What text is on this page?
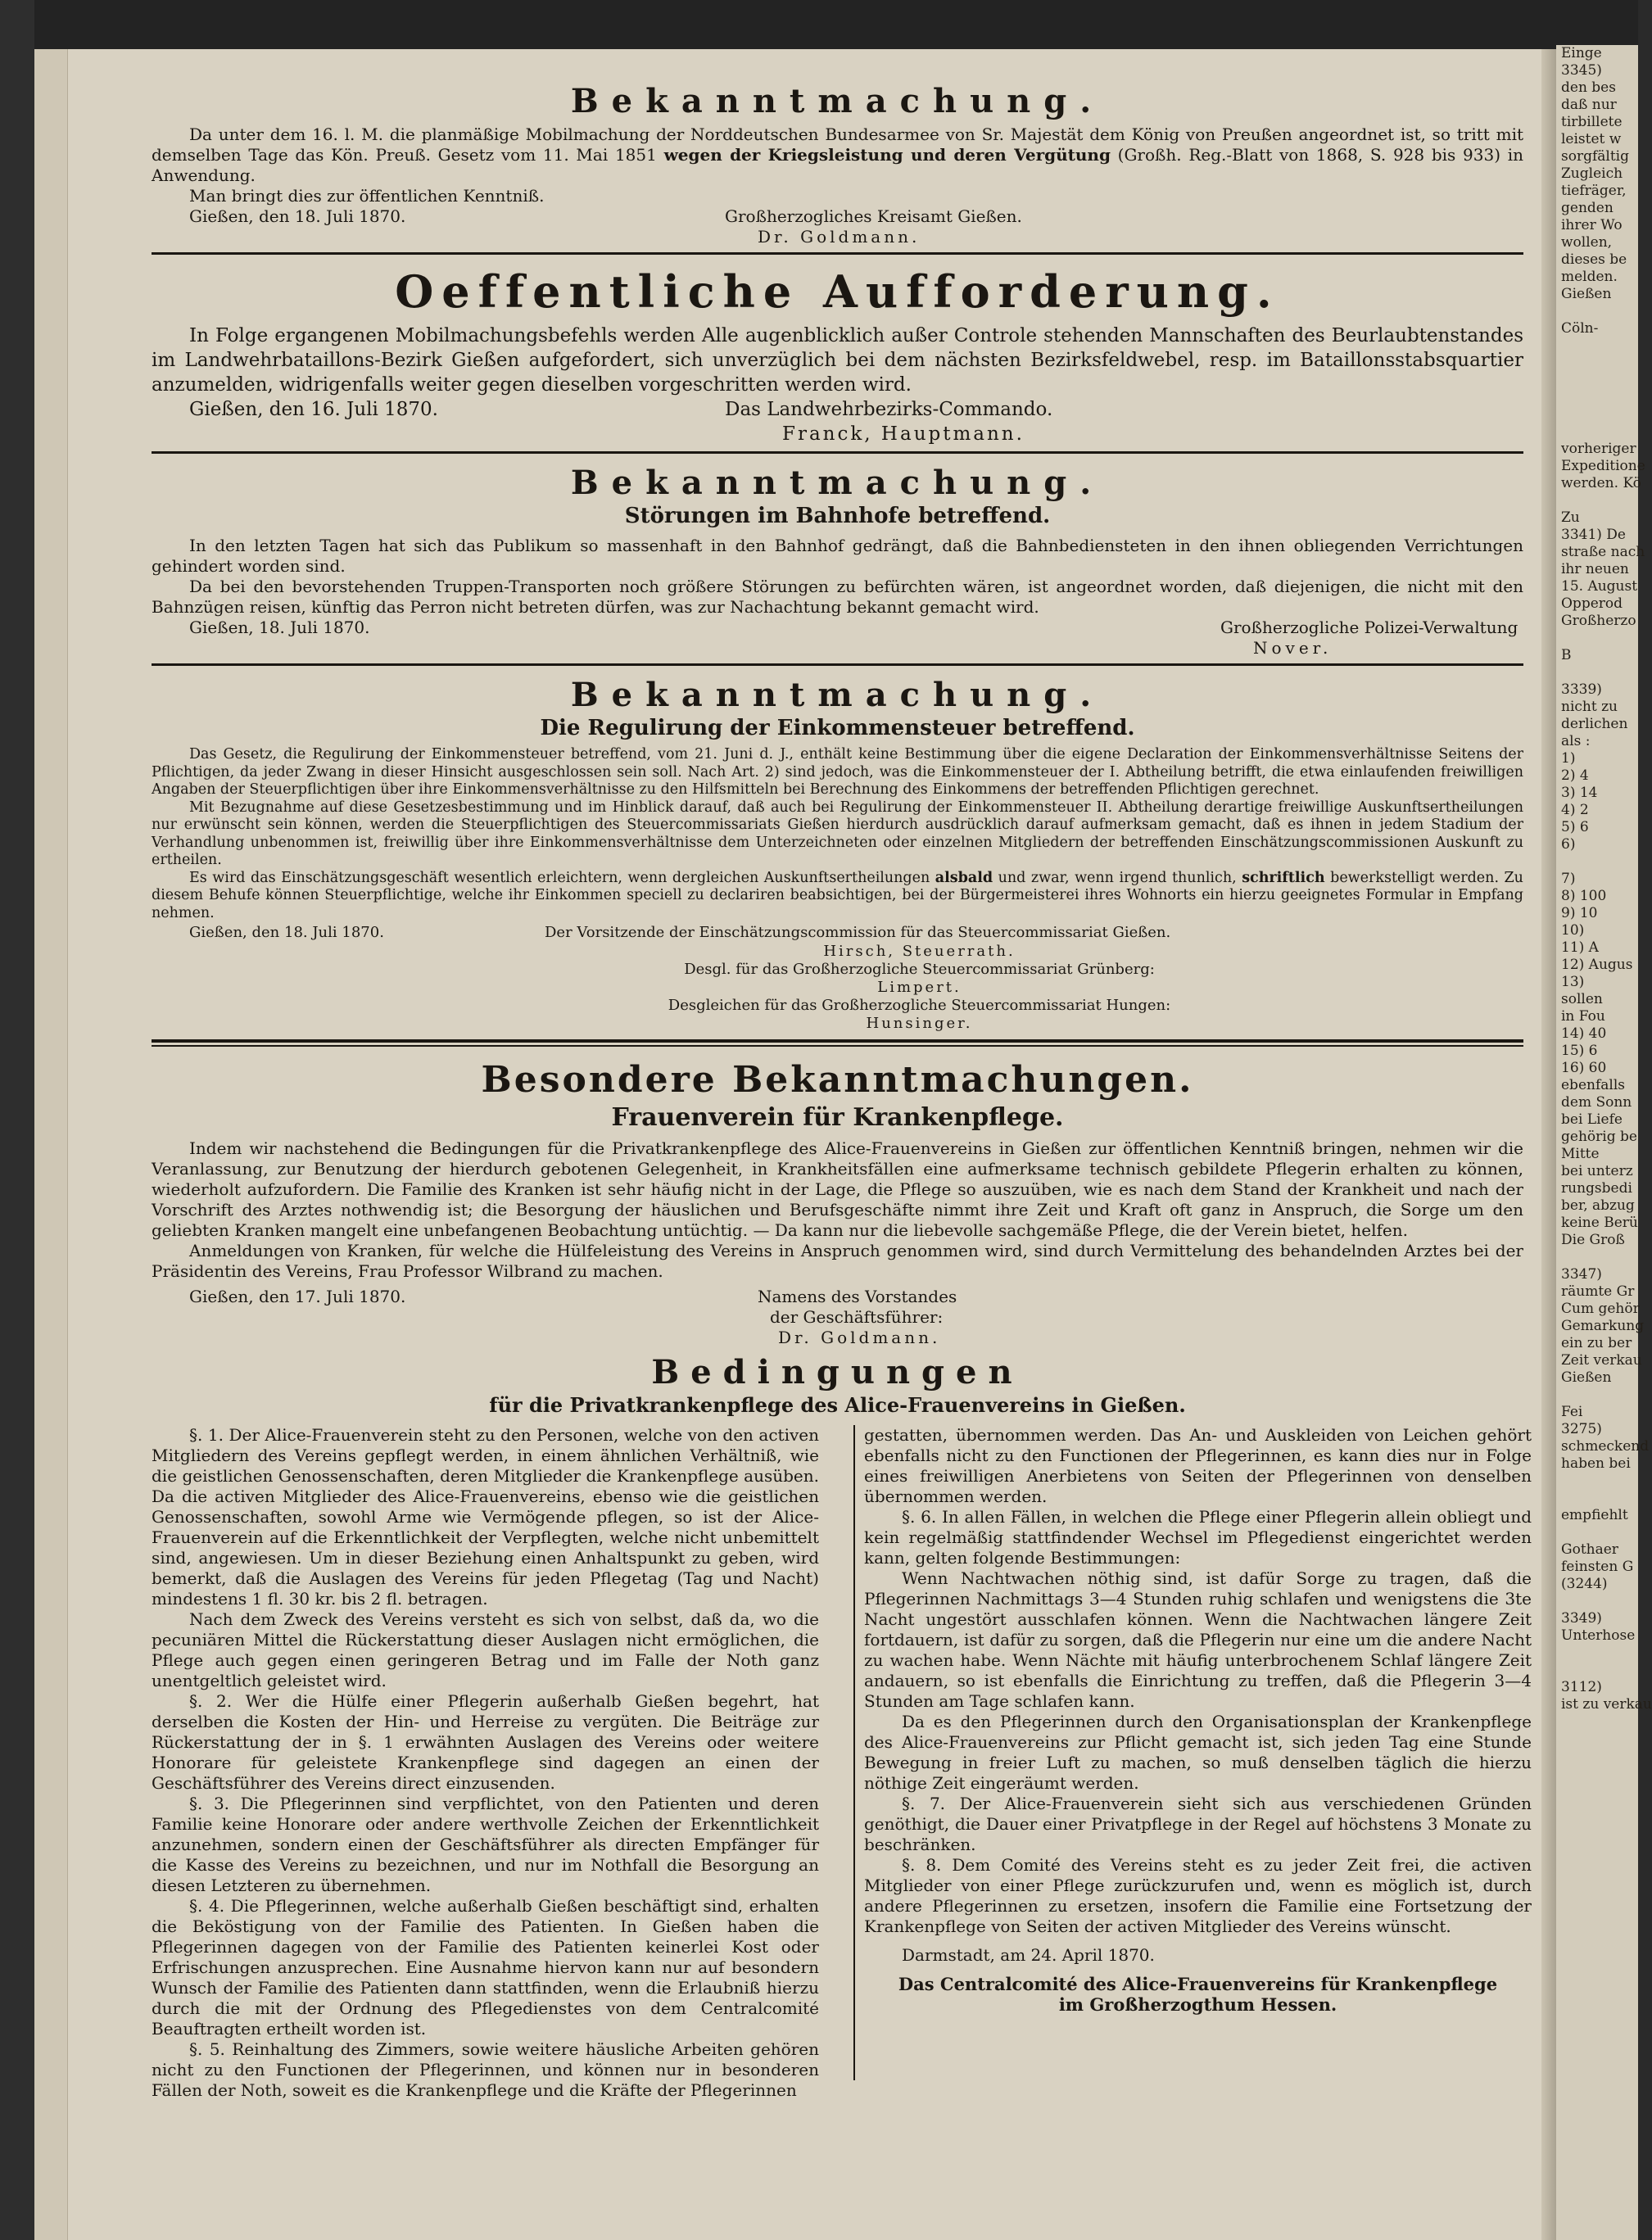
Einge
3345)
den bes
daß nur
tirbillete
leistet w
sorgfältig
Zugleich
tiefräger,
genden
ihrer Wo
wollen,
dieses be
melden.
Gießen

Cöln-

vorheriger
Expeditione
werden. Kö

Zu
3341) De
straße nach
ihr neuen
15. August
Opperod
Großherzo

B

3339)
nicht zu
derlichen
als :
1)
2) 4
3) 14
4) 2
5) 6
6)

7)
8) 100
9) 10
10)
11) A
12) Augus
13)
sollen
in Fou
14) 40
15) 6
16) 60
ebenfalls
dem Sonn
bei Liefe
gehörig be
Mitte
bei unterz
rungsbedi
ber, abzug
keine Berü
Die Groß

3347)
räumte Gr
Cum gehör
Gemarkung
ein zu ber
Zeit verkau
Gießen

Fei
3275)
schmeckend
haben bei

empfiehlt

Gothaer
feinsten G
(3244)

3349)
Unterhose

3112)
ist zu verkau
Bekanntmachung.

Da unter dem 16. l. M. die planmäßige Mobilmachung der Norddeutschen Bundesarmee von Sr. Majestät dem König von Preußen angeordnet ist, so tritt mit demselben Tage das Kön. Preuß. Gesetz vom 11. Mai 1851 wegen der Kriegsleistung und deren Vergütung (Großh. Reg.-Blatt von 1868, S. 928 bis 933) in Anwendung.

Man bringt dies zur öffentlichen Kenntniß.

Gießen, den 18. Juli 1870.	Großherzogliches Kreisamt Gießen.
Dr. Goldmann.
Oeffentliche Aufforderung.

In Folge ergangenen Mobilmachungsbefehls werden Alle augenblicklich außer Controle stehenden Mannschaften des Beurlaubtenstandes im Landwehrbataillons-Bezirk Gießen aufgefordert, sich unverzüglich bei dem nächsten Bezirksfeldwebel, resp. im Bataillonsstabsquartier anzumelden, widrigenfalls weiter gegen dieselben vorgeschritten werden wird.

Gießen, den 16. Juli 1870.	Das Landwehrbezirks-Commando.
Franck, Hauptmann.
Bekanntmachung.
Störungen im Bahnhofe betreffend.

In den letzten Tagen hat sich das Publikum so massenhaft in den Bahnhof gedrängt, daß die Bahnbediensteten in den ihnen obliegenden Verrichtungen gehindert worden sind.

Da bei den bevorstehenden Truppen-Transporten noch größere Störungen zu befürchten wären, ist angeordnet worden, daß diejenigen, die nicht mit den Bahnzügen reisen, künftig das Perron nicht betreten dürfen, was zur Nachachtung bekannt gemacht wird.

Gießen, 18. Juli 1870.	Großherzogliche Polizei-Verwaltung
Nover.
Bekanntmachung.
Die Regulirung der Einkommensteuer betreffend.

Das Gesetz, die Regulirung der Einkommensteuer betreffend, vom 21. Juni d. J., enthält keine Bestimmung über die eigene Declaration der Einkommensverhältnisse Seitens der Pflichtigen, da jeder Zwang in dieser Hinsicht ausgeschlossen sein soll. Nach Art. 2) sind jedoch, was die Einkommensteuer der I. Abtheilung betrifft, die etwa einlaufenden freiwilligen Angaben der Steuerpflichtigen über ihre Einkommensverhältnisse zu den Hilfsmitteln bei Berechnung des Einkommens der betreffenden Pflichtigen gerechnet.

Mit Bezugnahme auf diese Gesetzesbestimmung und im Hinblick darauf, daß auch bei Regulirung der Einkommensteuer II. Abtheilung derartige freiwillige Auskunftsertheilungen nur erwünscht sein können, werden die Steuerpflichtigen des Steuercommissariats Gießen hierdurch ausdrücklich darauf aufmerksam gemacht, daß es ihnen in jedem Stadium der Verhandlung unbenommen ist, freiwillig über ihre Einkommensverhältnisse dem Unterzeichneten oder einzelnen Mitgliedern der betreffenden Einschätzungscommissionen Auskunft zu ertheilen.

Es wird das Einschätzungsgeschäft wesentlich erleichtern, wenn dergleichen Auskunftsertheilungen alsbald und zwar, wenn irgend thunlich, schriftlich bewerkstelligt werden. Zu diesem Behufe können Steuerpflichtige, welche ihr Einkommen speciell zu declariren beabsichtigen, bei der Bürgermeisterei ihres Wohnorts ein hierzu geeignetes Formular in Empfang nehmen.

Gießen, den 18. Juli 1870.	Der Vorsitzende der Einschätzungscommission für das Steuercommissariat Gießen.
Hirsch, Steuerrath.
Desgl. für das Großherzogliche Steuercommissariat Grünberg:
Limpert.
Desgleichen für das Großherzogliche Steuercommissariat Hungen:
Hunsinger.
Besondere Bekanntmachungen.
Frauenverein für Krankenpflege.

Indem wir nachstehend die Bedingungen für die Privatkrankenpflege des Alice-Frauenvereins in Gießen zur öffentlichen Kenntniß bringen, nehmen wir die Veranlassung, zur Benutzung der hierdurch gebotenen Gelegenheit, in Krankheitsfällen eine aufmerksame technisch gebildete Pflegerin erhalten zu können, wiederholt aufzufordern. Die Familie des Kranken ist sehr häufig nicht in der Lage, die Pflege so auszuüben, wie es nach dem Stand der Krankheit und nach der Vorschrift des Arztes nothwendig ist; die Besorgung der häuslichen und Berufsgeschäfte nimmt ihre Zeit und Kraft oft ganz in Anspruch, die Sorge um den geliebten Kranken mangelt eine unbefangenen Beobachtung untüchtig. — Da kann nur die liebevolle sachgemäße Pflege, die der Verein bietet, helfen.

Anmeldungen von Kranken, für welche die Hülfeleistung des Vereins in Anspruch genommen wird, sind durch Vermittelung des behandelnden Arztes bei der Präsidentin des Vereins, Frau Professor Wilbrand zu machen.

Gießen, den 17. Juli 1870.	Namens des Vorstandes
der Geschäftsführer:
Dr. Goldmann.
Bedingungen
für die Privatkrankenpflege des Alice-Frauenvereins in Gießen.

§. 1. Der Alice-Frauenverein steht zu den Personen, welche von den activen Mitgliedern des Vereins gepflegt werden, in einem ähnlichen Verhältniß, wie die geistlichen Genossenschaften, deren Mitglieder die Krankenpflege ausüben. Da die activen Mitglieder des Alice-Frauenvereins, ebenso wie die geistlichen Genossenschaften, sowohl Arme wie Vermögende pflegen, so ist der Alice-Frauenverein auf die Erkenntlichkeit der Verpflegten, welche nicht unbemittelt sind, angewiesen. Um in dieser Beziehung einen Anhaltspunkt zu geben, wird bemerkt, daß die Auslagen des Vereins für jeden Pflegetag (Tag und Nacht) mindestens 1 fl. 30 kr. bis 2 fl. betragen.

Nach dem Zweck des Vereins versteht es sich von selbst, daß da, wo die pecuniären Mittel die Rückerstattung dieser Auslagen nicht ermöglichen, die Pflege auch gegen einen geringeren Betrag und im Falle der Noth ganz unentgeltlich geleistet wird.

§. 2. Wer die Hülfe einer Pflegerin außerhalb Gießen begehrt, hat derselben die Kosten der Hin- und Herreise zu vergüten. Die Beiträge zur Rückerstattung der in §. 1 erwähnten Auslagen des Vereins oder weitere Honorare für geleistete Krankenpflege sind dagegen an einen der Geschäftsführer des Vereins direct einzusenden.

§. 3. Die Pflegerinnen sind verpflichtet, von den Patienten und deren Familie keine Honorare oder andere werthvolle Zeichen der Erkenntlichkeit anzunehmen, sondern einen der Geschäftsführer als directen Empfänger für die Kasse des Vereins zu bezeichnen, und nur im Nothfall die Besorgung an diesen Letzteren zu übernehmen.

§. 4. Die Pflegerinnen, welche außerhalb Gießen beschäftigt sind, erhalten die Beköstigung von der Familie des Patienten. In Gießen haben die Pflegerinnen dagegen von der Familie des Patienten keinerlei Kost oder Erfrischungen anzusprechen. Eine Ausnahme hiervon kann nur auf besondern Wunsch der Familie des Patienten dann stattfinden, wenn die Erlaubniß hierzu durch die mit der Ordnung des Pflegedienstes von dem Centralcomité Beauftragten ertheilt worden ist.

§. 5. Reinhaltung des Zimmers, sowie weitere häusliche Arbeiten gehören nicht zu den Functionen der Pflegerinnen, und können nur in besonderen Fällen der Noth, soweit es die Krankenpflege und die Kräfte der Pflegerinnen

gestatten, übernommen werden. Das An- und Auskleiden von Leichen gehört ebenfalls nicht zu den Functionen der Pflegerinnen, es kann dies nur in Folge eines freiwilligen Anerbietens von Seiten der Pflegerinnen von denselben übernommen werden.

§. 6. In allen Fällen, in welchen die Pflege einer Pflegerin allein obliegt und kein regelmäßig stattfindender Wechsel im Pflegedienst eingerichtet werden kann, gelten folgende Bestimmungen:

Wenn Nachtwachen nöthig sind, ist dafür Sorge zu tragen, daß die Pflegerinnen Nachmittags 3—4 Stunden ruhig schlafen und wenigstens die 3te Nacht ungestört ausschlafen können. Wenn die Nachtwachen längere Zeit fortdauern, ist dafür zu sorgen, daß die Pflegerin nur eine um die andere Nacht zu wachen habe. Wenn Nächte mit häufig unterbrochenem Schlaf längere Zeit andauern, so ist ebenfalls die Einrichtung zu treffen, daß die Pflegerin 3—4 Stunden am Tage schlafen kann.

Da es den Pflegerinnen durch den Organisationsplan der Krankenpflege des Alice-Frauenvereins zur Pflicht gemacht ist, sich jeden Tag eine Stunde Bewegung in freier Luft zu machen, so muß denselben täglich die hierzu nöthige Zeit eingeräumt werden.

§. 7. Der Alice-Frauenverein sieht sich aus verschiedenen Gründen genöthigt, die Dauer einer Privatpflege in der Regel auf höchstens 3 Monate zu beschränken.

§. 8. Dem Comité des Vereins steht es zu jeder Zeit frei, die activen Mitglieder von einer Pflege zurückzurufen und, wenn es möglich ist, durch andere Pflegerinnen zu ersetzen, insofern die Familie eine Fortsetzung der Krankenpflege von Seiten der activen Mitglieder des Vereins wünscht.

Darmstadt, am 24. April 1870.

Das Centralcomité des Alice-Frauenvereins für Krankenpflege
im Großherzogthum Hessen.
